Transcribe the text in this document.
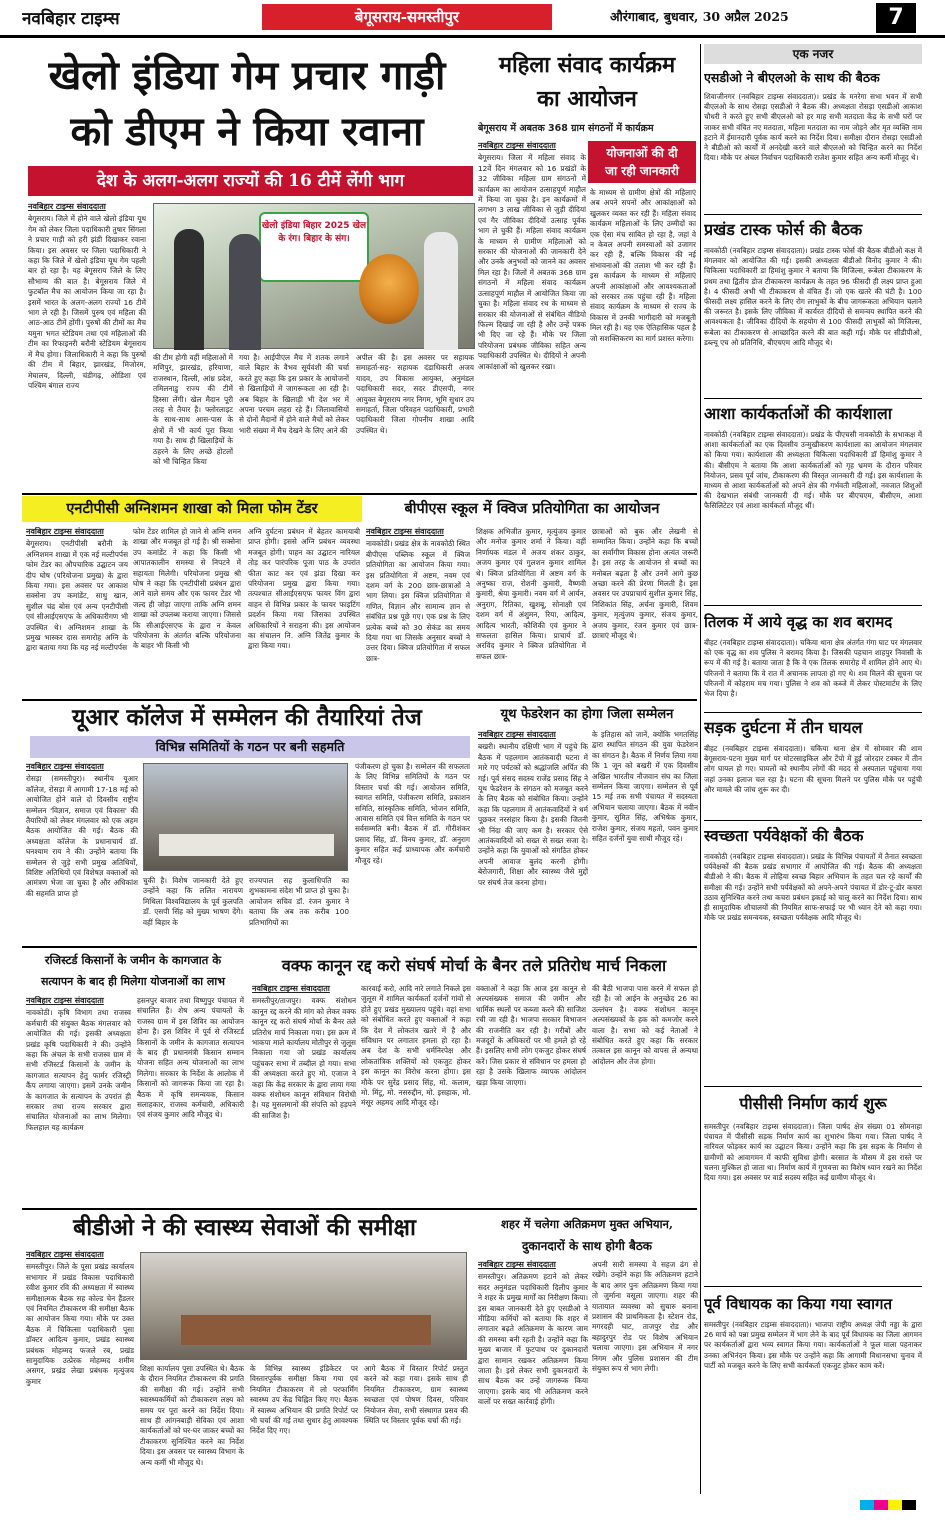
नवबिहार टाइम्स	बेगूसराय-समस्तीपुर	औरंगाबाद, बुधवार, 30 अप्रैल 2025	7
खेलो इंडिया गेम प्रचार गाड़ी
को डीएम ने किया रवाना
देश के अलग-अलग राज्यों की 16 टीमें लेंगी भाग
नवबिहार टाइम्स संवाददाता
बेगूसराय। जिले में होने वाले खेलो इंडिया यूथ गेम को लेकर जिला पदाधिकारी तुषार सिंगला ने प्रचार गाड़ी को हरी झंडी दिखाकर रवाना किया। इस अवसर पर जिला पदाधिकारी ने कहा कि जिले में खेलो इंडिया यूथ गेम पहली बार हो रहा है। यह बेगूसराय जिले के लिए सौभाग्य की बात है। बेगूसराय जिले में फुटबॉल मैच का आयोजन किया जा रहा है। इसमें भारत के अलग-अलग राज्यों 16 टीमें भाग ले रही है। जिसमें पुरुष एवं महिला की आठ-आठ टीमें होंगी। पुरुषों की टीमों का मैच यमुना भगत स्टेडियम तथा एवं महिलाओं की टीम का रिफाइनरी बरौनी स्टेडियम बेगूसराय में मैच होगा। जिलाधिकारी ने कहा कि पुरुषों की टीम में बिहार, झारखंड, मिजोरम, मेघालय, दिल्ली, चंडीगढ़, ओडिशा एवं पश्चिम बंगाल राज्य
खेलो इंडिया बिहार 2025 खेल के रंग। बिहार के संग।
की टीम होगी वहीं महिलाओं में मणिपुर, झारखंड, हरियाणा, राजस्थान, दिल्ली, आंध्र प्रदेश, तमिलनाडु राज्य की टीमें हिस्सा लेंगी। खेल मैदान पूरी तरह से तैयार है। फ्लोरलाइट के साथ-साथ आस-पास के क्षेत्रों में भी कार्य पूरा किया गया है। साथ ही खिलाड़ियों के ठहरने के लिए अच्छे होटलों को भी चिन्हित किया
गया है। आईपीएल मैच में शतक लगाने वाले बिहार के वैभव सूर्यवंशी की चर्चा करते हुए कहा कि इस प्रकार के आयोजनों से खिलाड़ियों में जागरूकता आ रही है। अब बिहार के खिलाड़ी भी देश भर में अपना परचम लहरा रहे हैं। जिलावासियों से दोनों मैदानों में होने वाले मैचों को लेकर भारी संख्या में मैच देखने के लिए आने की
अपील की है। इस अवसर पर सहायक समाहर्ता-सह- सहायक दंडाधिकारी अजय यादव, उप विकास आयुक्त, अनुमंडल पदाधिकारी सदर, सदर डीएसपी, नगर आयुक्त बेगूसराय नगर निगम, भूमि सुधार उप समाहर्ता, जिला परिवहन पदाधिकारी, प्रभारी पदाधिकारी जिला गोपनीय शाखा आदि उपस्थित थे।
महिला संवाद कार्यक्रम
का आयोजन
बेगूसराय में अबतक 368 ग्राम संगठनों में कार्यक्रम
नवबिहार टाइम्स संवाददाता
बेगूसराय। जिला में महिला संवाद के 12वें दिन मंगलवार को 16 प्रखंडों के 32 जीविका महिला ग्राम संगठनों में कार्यक्रम का आयोजन उत्साहपूर्ण माहौल में किया जा चुका है। इन कार्यक्रमों में लगभग 3 लाख जीविका से जुड़ी दीदियां एवं गैर जीविका दीदियों उत्साह पूर्वक भाग ले चुकी हैं। महिला संवाद कार्यक्रम के माध्यम से ग्रामीण महिलाओं को सरकार की योजनाओं की जानकारी देने और उनके अनुभवों को जानने का अवसर मिल रहा है। जिलों में अबतक 368 ग्राम संगठनों में महिला संवाद कार्यक्रम उत्साहपूर्ण माहौल में आयोजित किया जा चुका है। महिला संवाद रथ के माध्यम से सरकार की योजनाओं से संबंधित वीडियो फिल्म दिखाई जा रही है और उन्हें पत्रक भी दिए जा रहे हैं। मौके पर जिला परियोजना प्रबंधक जीविका सहित अन्य पदाधिकारी उपस्थित थे। दीदियों ने अपनी आकांक्षाओं को खुलकर रखा।
योजनाओं की दी
जा रही जानकारी
के माध्यम से ग्रामीण क्षेत्रों की महिलाएं अब अपने सपनों और आकांक्षाओं को खुलकर व्यक्त कर रही हैं। महिला संवाद कार्यक्रम महिलाओं के लिए उम्मीदों का एक ऐसा मंच साबित हो रहा है, जहां वे न केवल अपनी समस्याओं को उजागर कर रही हैं, बल्कि विकास की नई संभावनाओं की तलाश भी कर रही हैं। इस कार्यक्रम के माध्यम से महिलाएं अपनी आकांक्षाओं और आवश्यकताओं को सरकार तक पहुंचा रही हैं। महिला संवाद कार्यक्रम के माध्यम से राज्य के विकास में उनकी भागीदारी को मजबूती मिल रही है। यह एक ऐतिहासिक पहल है जो सशक्तिकरण का मार्ग प्रशस्त करेगा।
एनटीपीसी अग्निशमन शाखा को मिला फोम टेंडर
नवबिहार टाइम्स संवाददाता
बेगूसराय। एनटीपीसी बरौनी के अग्निशमन शाखा में एक नई मल्टीपर्पस फोम टेंडर का औपचारिक उद्घाटन जय दीप घोष (परियोजना प्रमुख) के द्वारा किया गया। इस अवसर पर आकाश सक्सेना उप कमांडेंट, साधु खान, सुशील चंद्र बोस एवं अन्य एनटीपीसी एवं सीआईएसएफ के अधिकारीगण भी उपस्थित थे। अग्निशमन शाखा के प्रमुख भास्कर दास समारोह अग्नि के द्वारा बताया गया कि यह नई मल्टीपर्पस
फोम टेंडर शामिल हो जाने से अग्नि शमन शाखा और मजबूत हो गई है। श्री सक्सेना उप कमांडेंट ने कहा कि किसी भी आपातकालीन समस्या से निपटने में सहायता मिलेगी। परियोजना प्रमुख श्री घोष ने कहा कि एनटीपीसी प्रबंधन द्वारा आने वाले समय और एक फायर टेंडर भी जल्द ही जोड़ा जाएगा ताकि अग्नि शमन शाखा को उपलब्ध कराया जाएगा। जिससे कि सीआईएसएफ के द्वारा न केवल परियोजना के अंतर्गत बल्कि परियोजना के बाहर भी किसी भी
अग्नि दुर्घटना प्रबंधन में बेहतर कामयाबी प्राप्त होगी। इससे अग्नि प्रबंधन व्यवस्था मजबूत होगी। पाहन का उद्घाटन नारियल तोड़ कर पारंपरिक पूजा पाठ के उपरांत फीता काट कर एवं झंडा दिखा कर परियोजना प्रमुख द्वारा किया गया। तत्पश्चात सीआईएसएफ फायर विंग द्वारा वाहन से विभिन्न प्रकार के फायर फाइटिंग प्रदर्शन किया गया जिसका उपस्थित अधिकारियों ने सराहना की। इस आयोजन का संचालन नि. अग्नि जितेंद्र कुमार के द्वारा किया गया।
बीपीएस स्कूल में क्विज प्रतियोगिता का आयोजन
नवबिहार टाइम्स संवाददाता
नावकोठी। प्रखंड क्षेत्र के नावकोठी स्थित बीपीएस पब्लिक स्कूल में क्विज प्रतियोगिता का आयोजन किया गया। इस प्रतियोगिता में अष्टम, नवम एवं दशम वर्ग के 200 छात्र-छात्राओं ने भाग लिया। इस क्विज प्रतियोगिता में गणित, विज्ञान और सामान्य ज्ञान से संबंधित प्रश्न पूछे गए। एक प्रश्न के लिए प्रत्येक बच्चे को 30 सेकंड का समय दिया गया था जिसके अनुसार बच्चों ने उत्तर दिया। क्विज प्रतियोगिता में सफल छात्र-
शिक्षक अभिजीत कुमार, मृत्युंजय कुमार और मनोज कुमार शर्मा ने किया। वहीं निर्णायक मंडल में अजय शंकर ठाकुर, अजय कुमार एवं गुलशन कुमार शामिल थे। क्विज प्रतियोगिता में अष्टम वर्ग के अनुष्का राज, रोशनी कुमारी, वैष्णवी कुमारी, श्रेया कुमारी। नवम वर्ग में आर्यन, अनुराग, रितिका, खुशबू, सोनाक्षी एवं दशम वर्ग में अंशुमन, रिया, आदित्य, आदित्य भारती, कौशिकी एवं कुमार ने सफलता हासिल किया। प्राचार्य डॉ. अरविंद कुमार ने क्विज प्रतियोगिता में सफल छात्र-
छात्राओं को बुक और लेखनी से सम्मानित किया। उन्होंने कहा कि बच्चों का सर्वांगीण विकास होना अत्यंत जरूरी है। इस तरह के आयोजन से बच्चों का मनोबल बढ़ता है और उनमें आगे कुछ अच्छा करने की प्रेरणा मिलती है। इस अवसर पर उपप्राचार्य सुशील कुमार सिंह, निशिकांत सिंह, अर्चना कुमारी, शिवम कुमार, मृत्युंजय कुमार, संजय कुमार, अजय कुमार, रंजन कुमार एवं छात्र-छात्राएं मौजूद थे।
यूआर कॉलेज में सम्मेलन की तैयारियां तेज
विभिन्न समितियों के गठन पर बनी सहमति
नवबिहार टाइम्स संवाददाता
रोसड़ा (समस्तीपुर)। स्थानीय यूआर कॉलेज, रोसड़ा में आगामी 17-18 मई को आयोजित होने वाले दो दिवसीय राष्ट्रीय सम्मेलन 'विज्ञान, समाज एवं विकास' की तैयारियों को लेकर मंगलवार को एक अहम बैठक आयोजित की गई। बैठक की अध्यक्षता कॉलेज के प्रधानाचार्य डॉ. घनश्याम राय ने की। उन्होंने बताया कि सम्मेलन से जुड़े सभी प्रमुख अतिथियों, विशिष्ट अतिथियों एवं विशेषज्ञ वक्ताओं को आमंत्रण भेजा जा चुका है और अधिकांश की सहमति प्राप्त हो
चुकी है। विशेष जानकारी देते हुए उन्होंने कहा कि ललित नारायण मिथिला विश्वविद्यालय के पूर्व कुलपति डॉ. एसपी सिंह को मुख्य भाषण देंगे। वहीं बिहार के
राज्यपाल सह कुलाधिपति का शुभकामना संदेश भी प्राप्त हो चुका है। आयोजन सचिव डॉ. रंजन कुमार ने बताया कि अब तक करीब 100 प्रतिभागियों का
पंजीकरण हो चुका है। सम्मेलन की सफलता के लिए विभिन्न समितियों के गठन पर विस्तार चर्चा की गई। आयोजन समिति, स्वागत समिति, पंजीकरण समिति, प्रकाशन समिति, सांस्कृतिक समिति, भोजन समिति, आवास समिति एवं वित्त समिति के गठन पर सर्वसम्मति बनी। बैठक में डॉ. गौरीशंकर प्रसाद सिंह, डॉ. विनय कुमार, डॉ. अनुराग कुमार सहित कई प्राध्यापक और कर्मचारी मौजूद रहे।
यूथ फेडरेशन का होगा जिला सम्मेलन
नवबिहार टाइम्स संवाददाता
बखरी। स्थानीय दक्षिणी भाग में पहुंचे कि बैठक में पहलगाम आतंकवादी घटना में मारे गए पर्यटकों को श्रद्धांजलि अर्पित की गई। पूर्व संसद सदस्य राजेंद्र प्रसाद सिंह ने यूथ फेडरेशन के संगठन को मजबूत करने के लिए बैठक को संबोधित किया। उन्होंने कहा कि पहलगाम में आतंकवादियों ने धर्म पूछकर नरसंहार किया है। इसकी जितनी भी निंदा की जाए कम है। सरकार ऐसे आतंकवादियों को सख्त से सख्त सजा दे। उन्होंने कहा कि युवाओं को संगठित होकर अपनी आवाज बुलंद करनी होगी। बेरोजगारी, शिक्षा और स्वास्थ्य जैसे मुद्दों पर संघर्ष तेज करना होगा।
के इतिहास को जानें, क्योंकि भगतसिंह द्वारा स्थापित संगठन की युवा फेडरेशन का संगठन है। बैठक में निर्णय लिया गया कि 1 जून को बखरी में एक दिवसीय अखिल भारतीय नौजवान संघ का जिला सम्मेलन किया जाएगा। सम्मेलन से पूर्व 15 मई तक सभी पंचायत में सदस्यता अभियान चलाया जाएगा। बैठक में नवीन कुमार, सुमित सिंह, अभिषेक कुमार, राजेश कुमार, संजय महतो, पवन कुमार सहित दर्जनों युवा साथी मौजूद रहे।
रजिस्टर्ड किसानों के जमीन के कागजात के
सत्यापन के बाद ही मिलेगा योजनाओं का लाभ
नवबिहार टाइम्स संवाददाता
नावकोठी। कृषि विभाग तथा राजस्व कर्मचारी की संयुक्त बैठक मंगलवार को आयोजित की गई। इसकी अध्यक्षता प्रखंड कृषि पदाधिकारी ने की। उन्होंने कहा कि अंचल के सभी राजस्व ग्राम में सभी रजिस्टर्ड किसानों के जमीन के कागजात सत्यापन हेतु फार्मर रजिस्ट्री कैंप लगाया जाएगा। इसमें उनके जमीन के कागजात के सत्यापन के उपरांत ही सरकार तथा राज्य सरकार द्वारा संचालित योजनाओं का लाभ मिलेगा। फिलहाल यह कार्यक्रम
हसनपुर बाजार तथा विष्णुपुर पंचायत में संचालित है। शेष अन्य पंचायतों के राजस्व ग्राम में इस शिविर का आयोजन होना है। इस शिविर में पूर्व से रजिस्टर्ड किसानों के जमीन के कागजात सत्यापन के बाद ही प्रधानमंत्री किसान सम्मान योजना सहित अन्य योजनाओं का लाभ मिलेगा। सरकार के निर्देश के आलोक में किसानों को जागरूक किया जा रहा है। बैठक में कृषि समन्वयक, किसान सलाहकार, राजस्व कर्मचारी, अधिकारी एवं संजय कुमार आदि मौजूद थे।
वक्फ कानून रद्द करो संघर्ष मोर्चा के बैनर तले प्रतिरोध मार्च निकला
नवबिहार टाइम्स संवाददाता
समस्तीपुर/ताजपुर। वक्फ संशोधन कानून रद्द करने की मांग को लेकर वक्फ कानून रद्द करो संघर्ष मोर्चा के बैनर तले प्रतिरोध मार्च निकाला गया। इस क्रम में भाकपा माले कार्यालय मोतीपुर से जुलूस निकाला गया जो प्रखंड कार्यालय पहुंचकर सभा में तब्दील हो गया। सभा की अध्यक्षता करते हुए मो. एजाज ने कहा कि केंद्र सरकार के द्वारा लाया गया वक्फ संशोधन कानून संविधान विरोधी है। यह मुसलमानों की संपत्ति को हड़पने की साजिश है।
कारवाई करो, आदि नारे लगाते निकले इस जुलूस में शामिल कार्यकर्ता दर्जनों गांवों से होते हुए प्रखंड मुख्यालय पहुंचे। वहां सभा को संबोधित करते हुए वक्ताओं ने कहा कि देश में लोकतंत्र खतरे में है और संविधान पर लगातार हमला हो रहा है। अब देश के सभी धर्मनिरपेक्ष और लोकतांत्रिक शक्तियों को एकजुट होकर इस कानून का विरोध करना होगा। इस मौके पर सुरेंद्र प्रसाद सिंह, मो. कलाम, मो. मिंटू, मो. नसरुद्दीन, मो. इसहाक, मो. मंसूर अहमद आदि मौजूद रहे।
वक्ताओं ने कहा कि आज इस कानून से अल्पसंख्यक समाज की जमीन और धार्मिक स्थलों पर कब्जा करने की साजिश रची जा रही है। भाजपा सरकार विभाजन की राजनीति कर रही है। गरीबों और मजदूरों के अधिकारों पर भी हमले हो रहे हैं। इसलिए सभी लोग एकजुट होकर संघर्ष करें। जिस प्रकार से संविधान पर हमला हो रहा है उसके खिलाफ व्यापक आंदोलन खड़ा किया जाएगा।
की बैठी भाजपा पास करने में सफल हो रही है। जो आईन के अनुच्छेद 26 का उल्लंघन है। वक्फ संशोधन कानून अल्पसंख्यकों के हक को कमजोर करने वाला है। सभा को कई नेताओं ने संबोधित करते हुए कहा कि सरकार तत्काल इस कानून को वापस ले अन्यथा आंदोलन और तेज होगा।
बीडीओ ने की स्वास्थ्य सेवाओं की समीक्षा
नवबिहार टाइम्स संवाददाता
समस्तीपुर। जिले के पूसा प्रखंड कार्यालय सभागार में प्रखंड विकास पदाधिकारी रवीश कुमार रवि की अध्यक्षता में स्वास्थ्य समीक्षात्मक बैठक सह कोल्ड चेन हैंडलर एवं नियमित टीकाकरण की समीक्षा बैठक का आयोजन किया गया। मौके पर उक्त बैठक में चिकित्सा पदाधिकारी पूसा डॉक्टर आदित्य कुमार, प्रखंड स्वास्थ्य प्रबंधक मोहम्मद फजले रब, प्रखंड सामुदायिक उत्प्रेरक मोहम्मद शमीम असगर, प्रखंड लेखा प्रबंधक मृत्युंजय कुमार
शिक्षा कार्यालय पूसा उपस्थित थे। बैठक के दौरान नियमित टीकाकरण की प्रगति की समीक्षा की गई। उन्होंने सभी स्वास्थ्यकर्मियों को टीकाकरण लक्ष्य को समय पर पूरा करने का निर्देश दिया। साथ ही आंगनबाड़ी सेविका एवं आशा कार्यकर्ताओं को घर-घर जाकर बच्चों का टीकाकरण सुनिश्चित करने का निर्देश दिया। इस अवसर पर स्वास्थ्य विभाग के अन्य कर्मी भी मौजूद थे।
के विभिन्न स्वास्थ्य इंडिकेटर पर विस्तारपूर्वक समीक्षा किया गया एवं नियमित टीकाकरण में लो परफार्मिंग स्वास्थ्य उप केंद्र चिह्नित किए गए। बैठक में स्वास्थ्य अभियान की प्रगति रिपोर्ट पर भी चर्चा की गई तथा सुधार हेतु आवश्यक निर्देश दिए गए।
आगे बैठक में विस्तार रिपोर्ट प्रस्तुत करने को कहा गया। इसके साथ ही नियमित टीकाकरण, ग्राम स्वास्थ्य स्वच्छता एवं पोषण दिवस, परिवार नियोजन सेवा, सभी संस्थागत प्रसव की स्थिति पर विस्तार पूर्वक चर्चा की गई।
शहर में चलेगा अतिक्रमण मुक्त अभियान,
दुकानदारों के साथ होगी बैठक
नवबिहार टाइम्स संवाददाता
समस्तीपुर। अतिक्रमण हटाने को लेकर सदर अनुमंडल पदाधिकारी दिलीप कुमार ने शहर के प्रमुख मार्गों का निरीक्षण किया। इस बाबत जानकारी देते हुए एसडीओ ने मीडिया कर्मियों को बताया कि शहर में लगातार बढ़ते अतिक्रमण के कारण जाम की समस्या बनी रहती है। उन्होंने कहा कि मुख्य बाजार में फुटपाथ पर दुकानदारों द्वारा सामान रखकर अतिक्रमण किया जाता है। इसे लेकर सभी दुकानदारों के साथ बैठक कर उन्हें जागरूक किया जाएगा। इसके बाद भी अतिक्रमण करने वालों पर सख्त कार्रवाई होगी।
अपनी सारी समस्या वे सहज ढंग से रखेंगे। उन्होंने कहा कि अतिक्रमण हटाने के बाद अगर पुनः अतिक्रमण किया गया तो जुर्माना वसूला जाएगा। शहर की यातायात व्यवस्था को सुचारु बनाना प्रशासन की प्राथमिकता है। स्टेशन रोड, मगरदही घाट, ताजपुर रोड और बहादुरपुर रोड पर विशेष अभियान चलाया जाएगा। इस अभियान में नगर निगम और पुलिस प्रशासन की टीम संयुक्त रूप से भाग लेगी।
एक नजर
एसडीओ ने बीएलओ के साथ की बैठक
शिवाजीनगर (नवबिहार टाइम्स संवाददाता)। प्रखंड के मनरेगा सभा भवन में सभी बीएलओ के साथ रोसड़ा एसडीओ ने बैठक की। अध्यक्षता रोसड़ा एसडीओ आकाश चौधरी ने करते हुए सभी बीएलओ को हर माह सभी मतदाता केंद्र के सभी घरों पर जाकर सभी वंचित नए मतदाता, महिला मतदाता का नाम जोड़ने और मृत व्यक्ति नाम हटाने में ईमानदारी पूर्वक कार्य करने का निर्देश दिया। समीक्षा दौरान रोसड़ा एसडीओ ने बीडीओ को कार्यों में अनदेखी करने वाले बीएलओ को चिन्हित करने का निर्देश दिया। मौके पर अंचल निर्वाचन पदाधिकारी राजेश कुमार सहित अन्य कर्मी मौजूद थे।
प्रखंड टास्क फोर्स की बैठक
नावकोठी (नवबिहार टाइम्स संवाददाता)। प्रखंड टास्क फोर्स की बैठक बीडीओ कक्ष में मंगलवार को आयोजित की गई। इसकी अध्यक्षता बीडीओ विनोद कुमार ने की। चिकित्सा पदाधिकारी डा हिमांशु कुमार ने बताया कि मिजिल्स, रूबेला टीकाकरण के प्रथम तथा द्वितीय डोज टीकाकरण कार्यक्रम के तहत 96 फीसदी ही लक्ष्य प्राप्त हुआ है। 4 फीसदी अभी भी टीकाकरण से वंचित हैं। जो एक खतरे की घंटी है। 100 फीसदी लक्ष्य हासिल करने के लिए रोग लाभुकों के बीच जागरूकता अभियान चलाने की जरूरत है। इसके लिए जीविका में कार्यरत दीदियों से समन्वय स्थापित करने की आवश्यकता है। जीविका दीदियों के सहयोग से 100 फीसदी लाभुकों को मिजिल्स, रूबेला का टीकाकरण से आच्छादित करने की बात कही गई। मौके पर सीडीपीओ, डब्ल्यू एच ओ प्रतिनिधि, बीएचएम आदि मौजूद थे।
आशा कार्यकर्ताओं की कार्यशाला
नावकोठी (नवबिहार टाइम्स संवाददाता)। प्रखंड के पीएचसी नावकोठी के सभाकक्ष में आशा कार्यकर्ताओं का एक दिवसीय उन्मुखीकरण कार्यशाला का आयोजन मंगलवार को किया गया। कार्यशाला की अध्यक्षता चिकित्सा पदाधिकारी डॉ हिमांशु कुमार ने की। बीसीएम ने बताया कि आशा कार्यकर्ताओं को गृह भ्रमण के दौरान परिवार नियोजन, प्रसव पूर्व जांच, टीकाकरण की विस्तृत जानकारी दी गई। इस कार्यशाला के माध्यम से आशा कार्यकर्ताओं को अपने क्षेत्र की गर्भवती महिलाओं, नवजात शिशुओं की देखभाल संबंधी जानकारी दी गई। मौके पर बीएचएम, बीसीएम, आशा फैसिलिटेटर एवं आशा कार्यकर्ता मौजूद थीं।
तिलक में आये वृद्ध का शव बरामद
बीहट (नवबिहार टाइम्स संवाददाता)। चकिया थाना क्षेत्र अंतर्गत गंगा घाट पर मंगलवार को एक वृद्ध का शव पुलिस ने बरामद किया है। जिसकी पहचान शाहपुर निवासी के रूप में की गई है। बताया जाता है कि वे एक तिलक समारोह में शामिल होने आए थे। परिजनों ने बताया कि वे रात में अचानक लापता हो गए थे। शव मिलने की सूचना पर परिजनों में कोहराम मच गया। पुलिस ने शव को कब्जे में लेकर पोस्टमार्टम के लिए भेज दिया है।
सड़क दुर्घटना में तीन घायल
बीहट (नवबिहार टाइम्स संवाददाता)। चकिया थाना क्षेत्र में सोमवार की शाम बेगूसराय-पटना मुख्य मार्ग पर मोटरसाइकिल और टेंपो में हुई जोरदार टक्कर में तीन लोग घायल हो गए। घायलों को स्थानीय लोगों की मदद से अस्पताल पहुंचाया गया जहां उनका इलाज चल रहा है। घटना की सूचना मिलने पर पुलिस मौके पर पहुंची और मामले की जांच शुरू कर दी।
स्वच्छता पर्यवेक्षकों की बैठक
नावकोठी (नवबिहार टाइम्स संवाददाता)। प्रखंड के विभिन्न पंचायतों में तैनात स्वच्छता पर्यवेक्षकों की बैठक प्रखंड सभागार में आयोजित की गई। बैठक की अध्यक्षता बीडीओ ने की। बैठक में लोहिया स्वच्छ बिहार अभियान के तहत चल रहे कार्यों की समीक्षा की गई। उन्होंने सभी पर्यवेक्षकों को अपने-अपने पंचायत में डोर-टू-डोर कचरा उठाव सुनिश्चित करने तथा कचरा प्रबंधन इकाई को चालू करने का निर्देश दिया। साथ ही सामुदायिक शौचालयों की नियमित साफ-सफाई पर भी ध्यान देने को कहा गया। मौके पर प्रखंड समन्वयक, स्वच्छता पर्यवेक्षक आदि मौजूद थे।
पीसीसी निर्माण कार्य शुरू
समस्तीपुर (नवबिहार टाइम्स संवाददाता)। जिला पार्षद क्षेत्र संख्या 01 सोमनाहा पंचायत में पीसीसी सड़क निर्माण कार्य का शुभारंभ किया गया। जिला पार्षद ने नारियल फोड़कर कार्य का उद्घाटन किया। उन्होंने कहा कि इस सड़क के निर्माण से ग्रामीणों को आवागमन में काफी सुविधा होगी। बरसात के मौसम में इस रास्ते पर चलना मुश्किल हो जाता था। निर्माण कार्य में गुणवत्ता का विशेष ध्यान रखने का निर्देश दिया गया। इस अवसर पर वार्ड सदस्य सहित कई ग्रामीण मौजूद थे।
पूर्व विधायक का किया गया स्वागत
समस्तीपुर (नवबिहार टाइम्स संवाददाता)। भाजपा राष्ट्रीय अध्यक्ष जेपी नड्डा के द्वारा 26 मार्च को पन्ना प्रमुख सम्मेलन में भाग लेने के बाद पूर्व विधायक का जिला आगमन पर कार्यकर्ताओं द्वारा भव्य स्वागत किया गया। कार्यकर्ताओं ने फूल माला पहनाकर उनका अभिनंदन किया। इस मौके पर उन्होंने कहा कि आगामी विधानसभा चुनाव में पार्टी को मजबूत करने के लिए सभी कार्यकर्ता एकजुट होकर काम करें।
